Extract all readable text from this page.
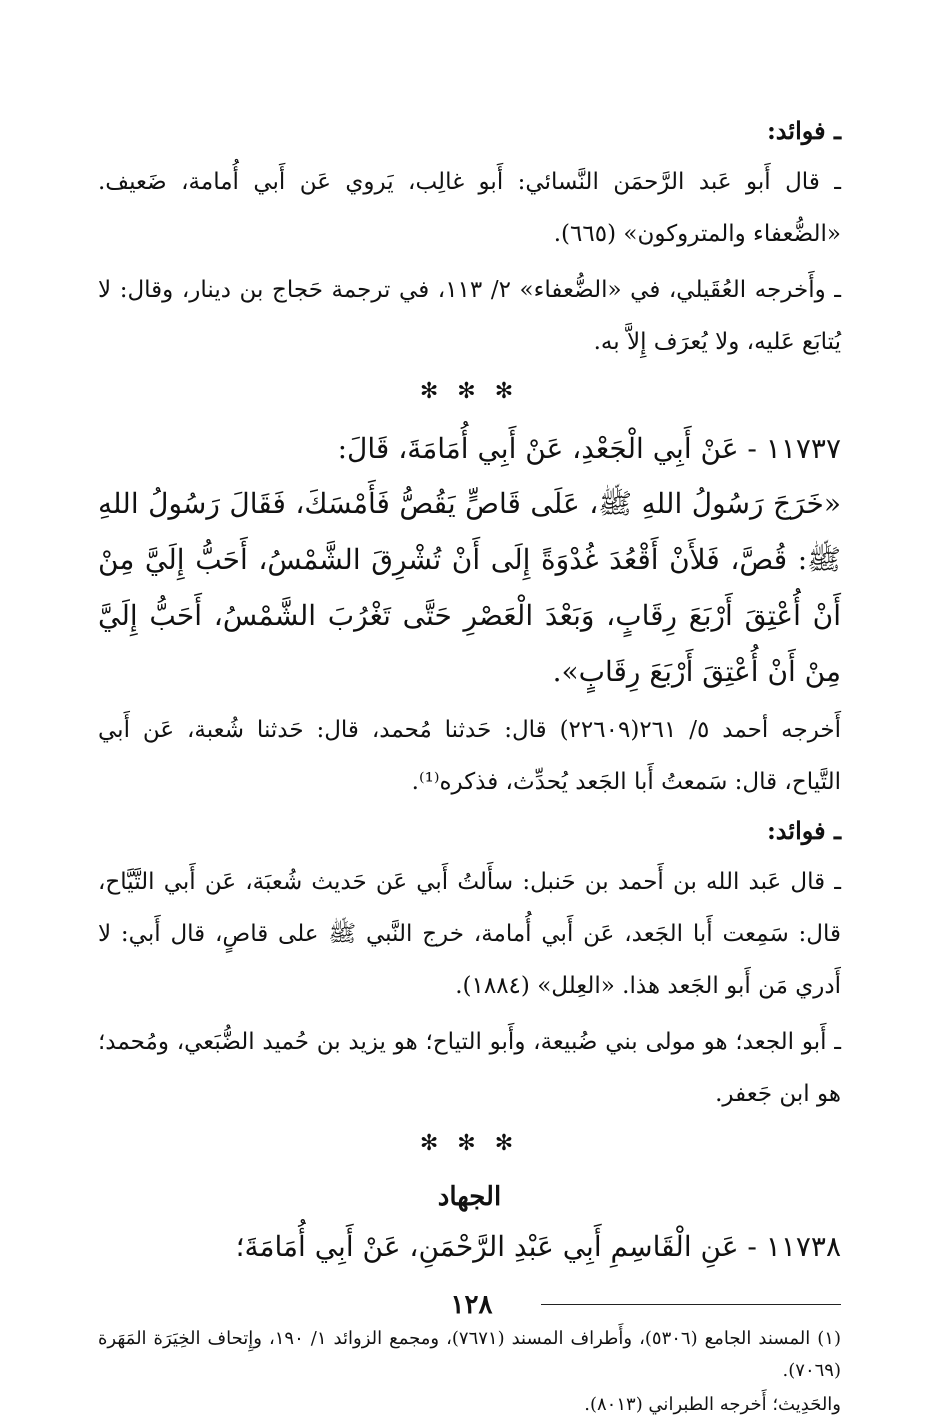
ـ فوائد:

ـ قال أَبو عَبد الرَّحمَن النَّسائي: أَبو غالِب، يَروي عَن أَبي أُمامة، ضَعيف. «الضُّعفاء والمتروكون» (٦٦٥).

ـ وأَخرجه العُقَيلي، في «الضُّعفاء» ٢/ ١١٣، في ترجمة حَجاج بن دينار، وقال: لا يُتابَع عَليه، ولا يُعرَف إِلاَّ به.

✻ ✻ ✻

١١٧٣٧ - عَنْ أَبِي الْجَعْدِ، عَنْ أَبِي أُمَامَةَ، قَالَ:

«خَرَجَ رَسُولُ اللهِ ﷺ، عَلَى قَاصٍّ يَقُصُّ فَأَمْسَكَ، فَقَالَ رَسُولُ اللهِ ﷺ: قُصَّ، فَلأَنْ أَقْعُدَ غُدْوَةً إِلَى أَنْ تُشْرِقَ الشَّمْسُ، أَحَبُّ إِلَيَّ مِنْ أَنْ أُعْتِقَ أَرْبَعَ رِقَابٍ، وَبَعْدَ الْعَصْرِ حَتَّى تَغْرُبَ الشَّمْسُ، أَحَبُّ إِلَيَّ مِنْ أَنْ أُعْتِقَ أَرْبَعَ رِقَابٍ».

أَخرجه أحمد ٥/ ٢٦١(٢٢٦٠٩) قال: حَدثنا مُحمد، قال: حَدثنا شُعبة، عَن أَبي التَّياح، قال: سَمعتُ أَبا الجَعد يُحدِّث، فذكره⁽¹⁾.

ـ فوائد:

ـ قال عَبد الله بن أَحمد بن حَنبل: سأَلتُ أَبي عَن حَديث شُعبَة، عَن أَبي التَّيَّاح، قال: سَمِعت أَبا الجَعد، عَن أَبي أُمامة، خرج النَّبي ﷺ على قاصٍ، قال أَبي: لا أَدري مَن أَبو الجَعد هذا. «العِلل» (١٨٨٤).

ـ أَبو الجعد؛ هو مولى بني ضُبيعة، وأَبو التياح؛ هو يزيد بن حُميد الضُّبَعي، ومُحمد؛ هو ابن جَعفر.

✻ ✻ ✻
الجهاد

١١٧٣٨ - عَنِ الْقَاسِمِ أَبِي عَبْدِ الرَّحْمَنِ، عَنْ أَبِي أُمَامَةَ؛

(١) المسند الجامع (٥٣٠٦)، وأَطراف المسند (٧٦٧١)، ومجمع الزوائد ١/ ١٩٠، وإِتحاف الخِيَرَة المَهَرة (٧٠٦٩).

والحَدِيث؛ أَخرجه الطبراني (٨٠١٣).

١٢٨
